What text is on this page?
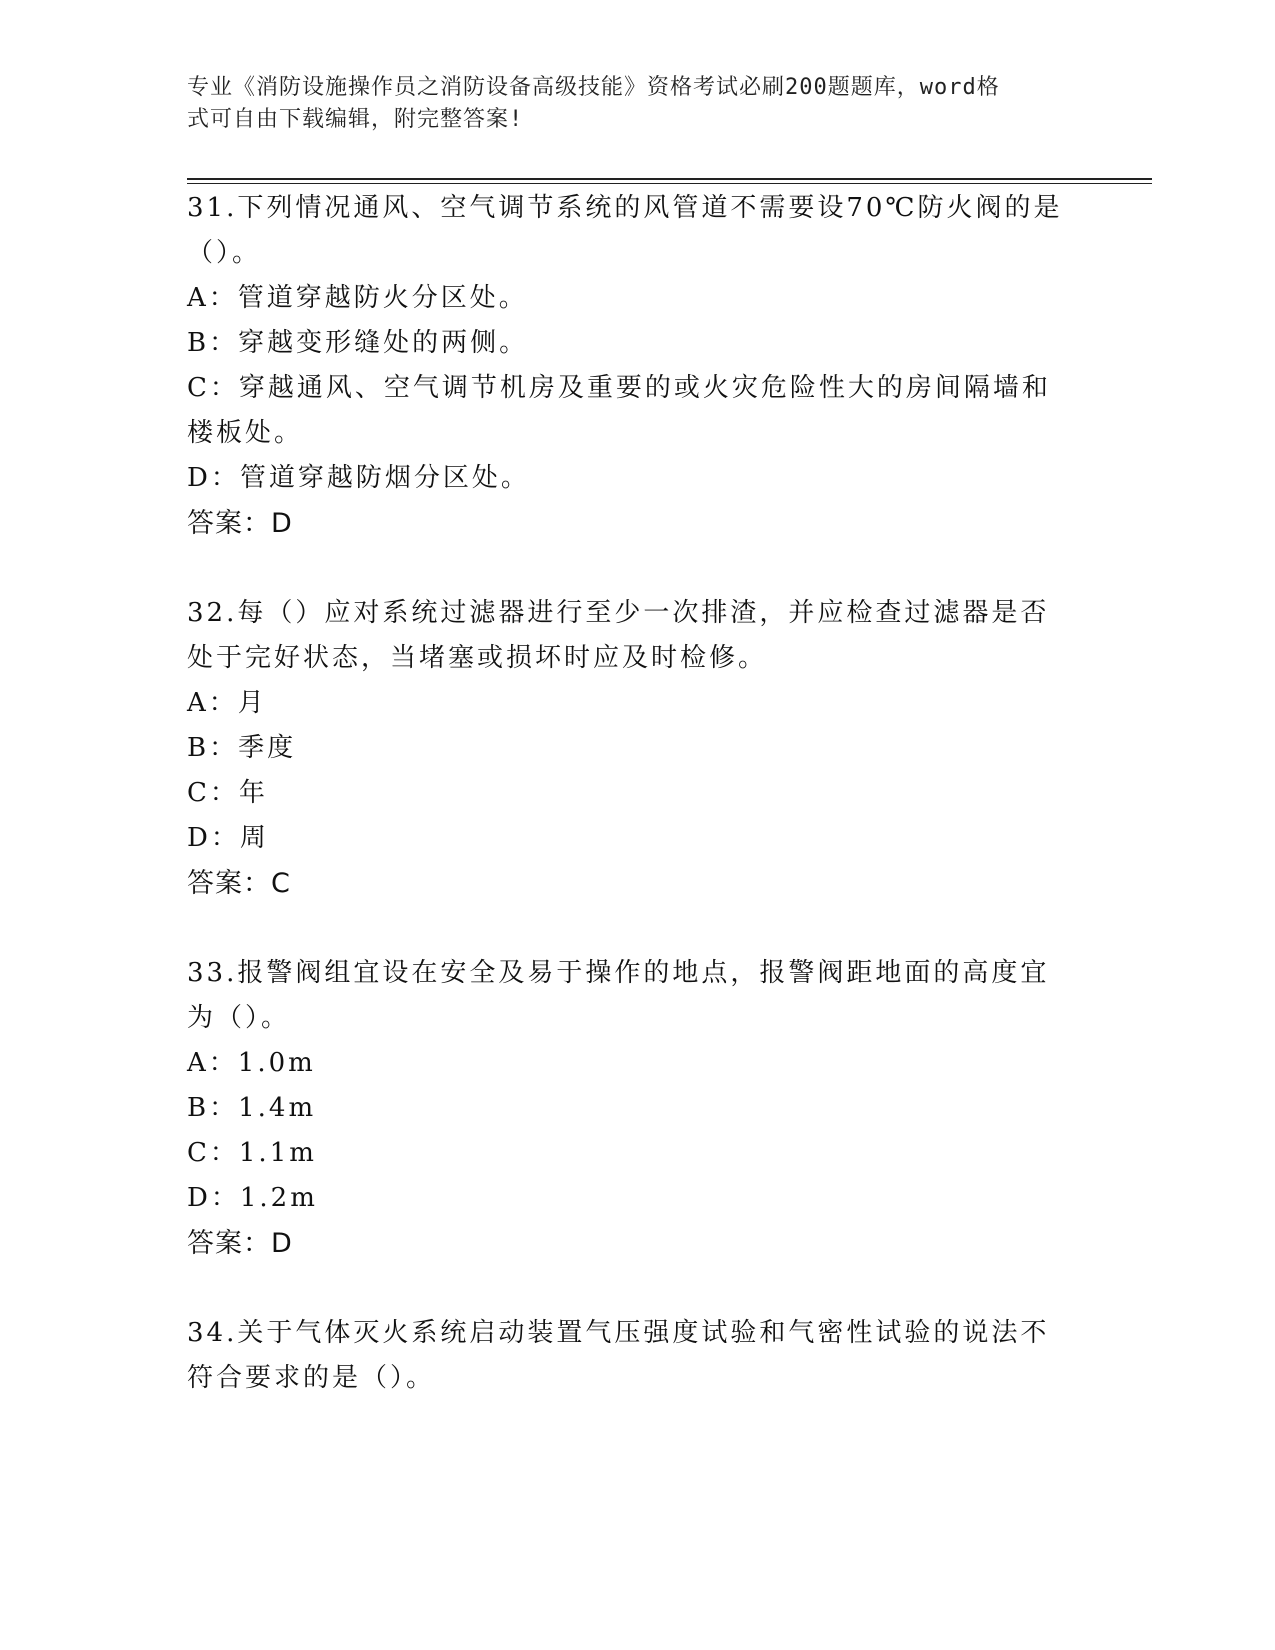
专业《消防设施操作员之消防设备高级技能》资格考试必刷200题题库，word格
式可自由下载编辑，附完整答案!

31.下列情况通风、空气调节系统的风管道不需要设70℃防火阀的是（）。

A：管道穿越防火分区处。

B：穿越变形缝处的两侧。

C：穿越通风、空气调节机房及重要的或火灾危险性大的房间隔墙和楼板处。

D：管道穿越防烟分区处。

答案：D

32.每（）应对系统过滤器进行至少一次排渣，并应检查过滤器是否处于完好状态，当堵塞或损坏时应及时检修。

A：月

B：季度

C：年

D：周

答案：C

33.报警阀组宜设在安全及易于操作的地点，报警阀距地面的高度宜为（）。

A：1.0m

B：1.4m

C：1.1m

D：1.2m

答案：D

34.关于气体灭火系统启动装置气压强度试验和气密性试验的说法不符合要求的是（）。
